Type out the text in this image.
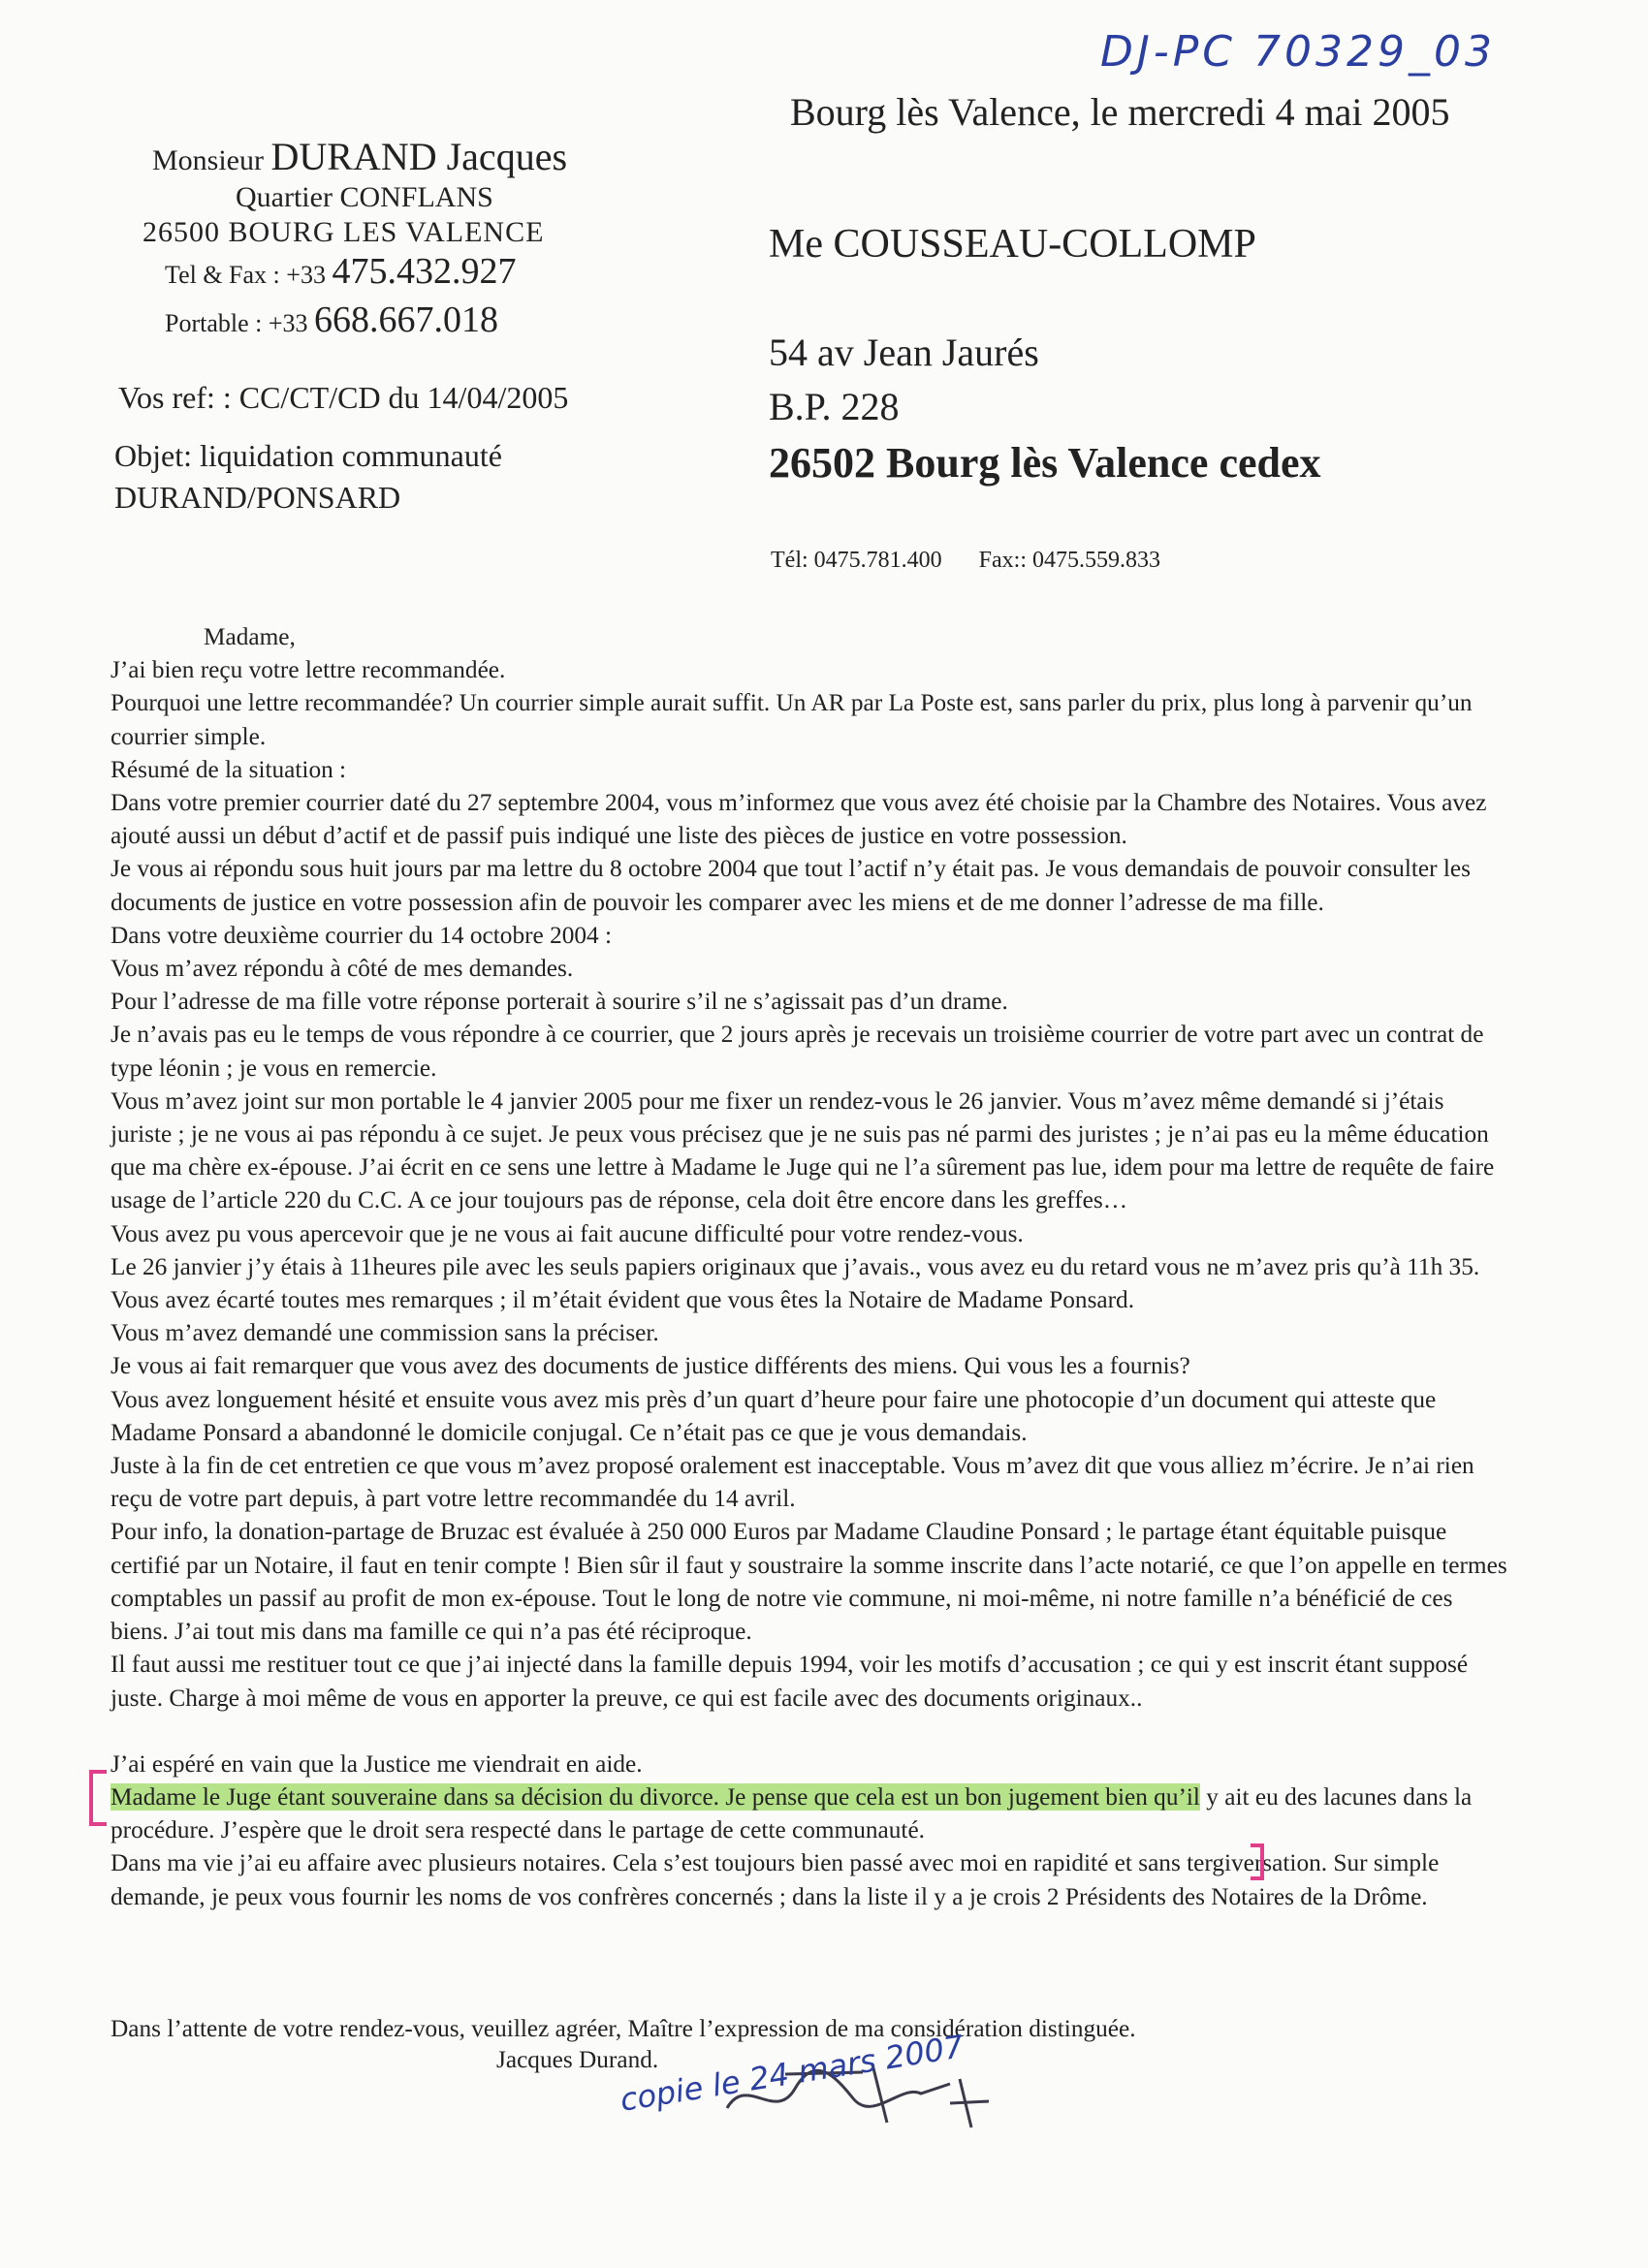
DJ-PC 70329_03
Monsieur DURAND Jacques
Quartier CONFLANS
26500 BOURG LES VALENCE
Tel & Fax : +33 475.432.927
Portable : +33 668.667.018
Vos ref: : CC/CT/CD du 14/04/2005
Objet: liquidation communauté
DURAND/PONSARD
Bourg lès Valence, le mercredi 4 mai 2005
Me COUSSEAU-COLLOMP
54 av Jean Jaurés
B.P. 228
26502 Bourg lès Valence cedex
Tél: 0475.781.400 Fax:: 0475.559.833

Madame,

J’ai bien reçu votre lettre recommandée.

Pourquoi une lettre recommandée? Un courrier simple aurait suffit. Un AR par La Poste est, sans parler du prix, plus long à parvenir qu’un courrier simple.

Résumé de la situation :

Dans votre premier courrier daté du 27 septembre 2004, vous m’informez que vous avez été choisie par la Chambre des Notaires. Vous avez ajouté aussi un début d’actif et de passif puis indiqué une liste des pièces de justice en votre possession.

Je vous ai répondu sous huit jours par ma lettre du 8 octobre 2004 que tout l’actif n’y était pas. Je vous demandais de pouvoir consulter les documents de justice en votre possession afin de pouvoir les comparer avec les miens et de me donner l’adresse de ma fille.

Dans votre deuxième courrier du 14 octobre 2004 :

Vous m’avez répondu à côté de mes demandes.

Pour l’adresse de ma fille votre réponse porterait à sourire s’il ne s’agissait pas d’un drame.

Je n’avais pas eu le temps de vous répondre à ce courrier, que 2 jours après je recevais un troisième courrier de votre part avec un contrat de type léonin ; je vous en remercie.

Vous m’avez joint sur mon portable le 4 janvier 2005 pour me fixer un rendez-vous le 26 janvier. Vous m’avez même demandé si j’étais juriste ; je ne vous ai pas répondu à ce sujet. Je peux vous précisez que je ne suis pas né parmi des juristes ; je n’ai pas eu la même éducation que ma chère ex-épouse. J’ai écrit en ce sens une lettre à Madame le Juge qui ne l’a sûrement pas lue, idem pour ma lettre de requête de faire usage de l’article 220 du C.C. A ce jour toujours pas de réponse, cela doit être encore dans les greffes…

Vous avez pu vous apercevoir que je ne vous ai fait aucune difficulté pour votre rendez-vous.

Le 26 janvier j’y étais à 11heures pile avec les seuls papiers originaux que j’avais., vous avez eu du retard vous ne m’avez pris qu’à 11h 35. Vous avez écarté toutes mes remarques ; il m’était évident que vous êtes la Notaire de Madame Ponsard.

Vous m’avez demandé une commission sans la préciser.

Je vous ai fait remarquer que vous avez des documents de justice différents des miens. Qui vous les a fournis?

Vous avez longuement hésité et ensuite vous avez mis près d’un quart d’heure pour faire une photocopie d’un document qui atteste que Madame Ponsard a abandonné le domicile conjugal. Ce n’était pas ce que je vous demandais.

Juste à la fin de cet entretien ce que vous m’avez proposé oralement est inacceptable. Vous m’avez dit que vous alliez m’écrire. Je n’ai rien reçu de votre part depuis, à part votre lettre recommandée du 14 avril.

Pour info, la donation-partage de Bruzac est évaluée à 250 000 Euros par Madame Claudine Ponsard ; le partage étant équitable puisque certifié par un Notaire, il faut en tenir compte ! Bien sûr il faut y soustraire la somme inscrite dans l’acte notarié, ce que l’on appelle en termes comptables un passif au profit de mon ex-épouse. Tout le long de notre vie commune, ni moi-même, ni notre famille n’a bénéficié de ces biens. J’ai tout mis dans ma famille ce qui n’a pas été réciproque.

Il faut aussi me restituer tout ce que j’ai injecté dans la famille depuis 1994, voir les motifs d’accusation ; ce qui y est inscrit étant supposé juste. Charge à moi même de vous en apporter la preuve, ce qui est facile avec des documents originaux..

J’ai espéré en vain que la Justice me viendrait en aide.

Madame le Juge étant souveraine dans sa décision du divorce. Je pense que cela est un bon jugement bien qu’il y ait eu des lacunes dans la procédure. J’espère que le droit sera respecté dans le partage de cette communauté.

Dans ma vie j’ai eu affaire avec plusieurs notaires. Cela s’est toujours bien passé avec moi en rapidité et sans tergiversation. Sur simple demande, je peux vous fournir les noms de vos confrères concernés ; dans la liste il y a je crois 2 Présidents des Notaires de la Drôme.

Dans l’attente de votre rendez-vous, veuillez agréer, Maître l’expression de ma considération distinguée.

Jacques Durand.
copie le 24 mars 2007
